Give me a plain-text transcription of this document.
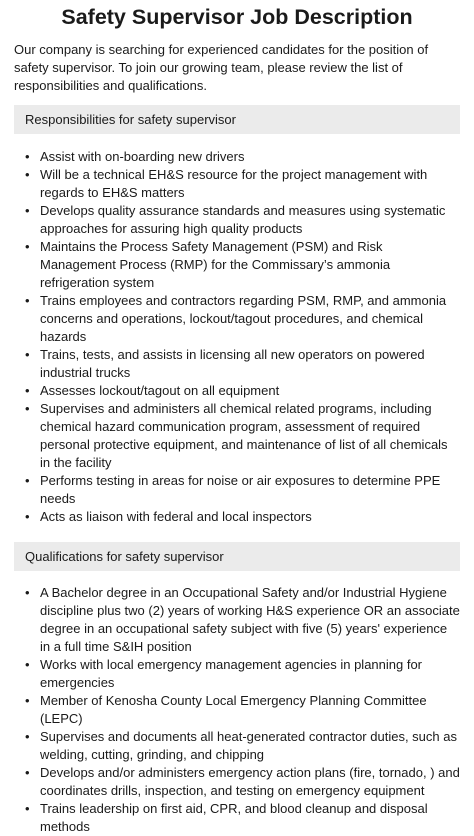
Safety Supervisor Job Description

Our company is searching for experienced candidates for the position of safety supervisor. To join our growing team, please review the list of responsibilities and qualifications.

Responsibilities for safety supervisor
• Assist with on-boarding new drivers
• Will be a technical EH&S resource for the project management with regards to EH&S matters
• Develops quality assurance standards and measures using systematic approaches for assuring high quality products
• Maintains the Process Safety Management (PSM) and Risk Management Process (RMP) for the Commissary’s ammonia refrigeration system
• Trains employees and contractors regarding PSM, RMP, and ammonia concerns and operations, lockout/tagout procedures, and chemical hazards
• Trains, tests, and assists in licensing all new operators on powered industrial trucks
• Assesses lockout/tagout on all equipment
• Supervises and administers all chemical related programs, including chemical hazard communication program, assessment of required personal protective equipment, and maintenance of list of all chemicals in the facility
• Performs testing in areas for noise or air exposures to determine PPE needs
• Acts as liaison with federal and local inspectors
Qualifications for safety supervisor
• A Bachelor degree in an Occupational Safety and/or Industrial Hygiene discipline plus two (2) years of working H&S experience OR an associate degree in an occupational safety subject with five (5) years' experience in a full time S&IH position
• Works with local emergency management agencies in planning for emergencies
• Member of Kenosha County Local Emergency Planning Committee (LEPC)
• Supervises and documents all heat-generated contractor duties, such as welding, cutting, grinding, and chipping
• Develops and/or administers emergency action plans (fire, tornado, ) and coordinates drills, inspection, and testing on emergency equipment
• Trains leadership on first aid, CPR, and blood cleanup and disposal methods
